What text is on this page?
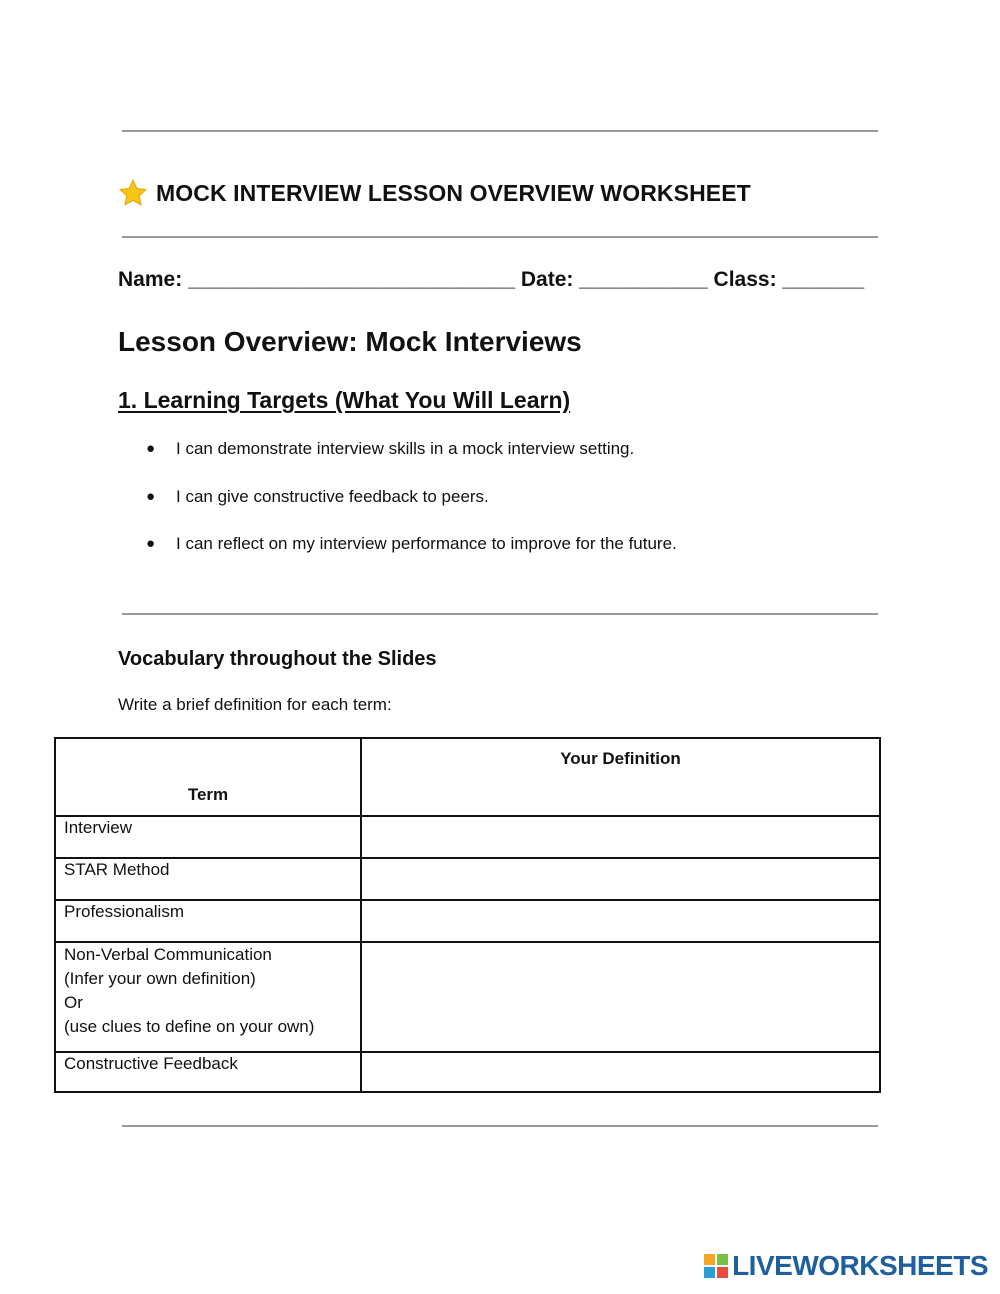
MOCK INTERVIEW LESSON OVERVIEW WORKSHEET
Name: ____________________________ Date: ___________ Class: _______
Lesson Overview: Mock Interviews
1. Learning Targets (What You Will Learn)
●	I can demonstrate interview skills in a mock interview setting.
●	I can give constructive feedback to peers.
●	I can reflect on my interview performance to improve for the future.
Vocabulary throughout the Slides
Write a brief definition for each term:
Term	Your Definition
Interview	
STAR Method	
Professionalism	

Non-Verbal Communication
(Infer your own definition)
Or
(use clues to define on your own)	

Constructive Feedback	
LIVEWORKSHEETS
